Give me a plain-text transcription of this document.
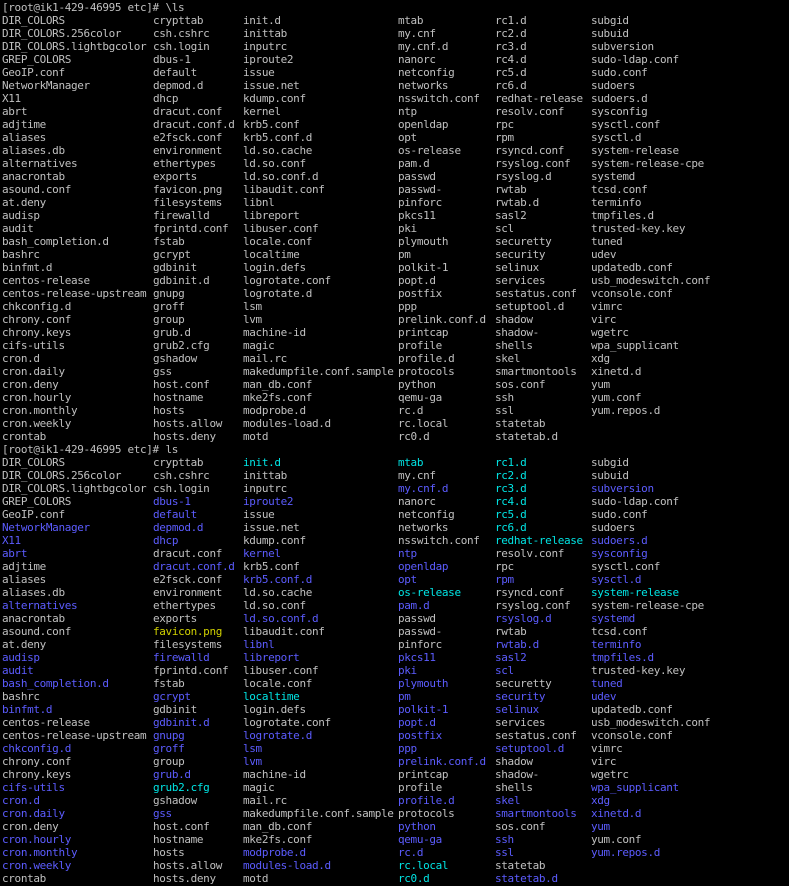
[root@ik1-429-46995 etc]# \ls
DIR_COLORS	crypttab	init.d	mtab	rc1.d	subgid
DIR_COLORS.256color	csh.cshrc	inittab	my.cnf	rc2.d	subuid
DIR_COLORS.lightbgcolor csh.login	inputrc	my.cnf.d	rc3.d	subversion
GREP_COLORS	dbus-1	iproute2	nanorc	rc4.d	sudo-ldap.conf
GeoIP.conf	default	issue	netconfig	rc5.d	sudo.conf
NetworkManager	depmod.d	issue.net	networks	rc6.d	sudoers
X11	dhcp	kdump.conf	nsswitch.conf redhat-release sudoers.d
abrt	dracut.conf kernel	ntp	resolv.conf sysconfig
adjtime	dracut.conf.d krb5.conf	openldap	rpc	sysctl.conf
aliases	e2fsck.conf krb5.conf.d	opt	rpm	sysctl.d
aliases.db	environment ld.so.cache	os-release	rsyncd.conf system-release
alternatives	ethertypes ld.so.conf	pam.d	rsyslog.conf system-release-cpe
anacrontab	exports	ld.so.conf.d	passwd	rsyslog.d	systemd
asound.conf	favicon.png libaudit.conf	passwd-	rwtab	tcsd.conf
at.deny	filesystems libnl	pinforc	rwtab.d	terminfo
audisp	firewalld	libreport	pkcs11	sasl2	tmpfiles.d
audit	fprintd.conf libuser.conf	pki	scl	trusted-key.key
bash_completion.d	fstab	locale.conf	plymouth	securetty	tuned
bashrc	gcrypt	localtime	pm	security	udev
binfmt.d	gdbinit	login.defs	polkit-1	selinux	updatedb.conf
centos-release	gdbinit.d	logrotate.conf	popt.d	services	usb_modeswitch.conf
centos-release-upstream gnupg	logrotate.d	postfix	sestatus.conf vconsole.conf
chkconfig.d	groff	lsm	ppp	setuptool.d vimrc
chrony.conf	group	lvm	prelink.conf.d shadow	virc
chrony.keys	grub.d	machine-id	printcap	shadow-	wgetrc
cifs-utils	grub2.cfg	magic	profile	shells	wpa_supplicant
cron.d	gshadow	mail.rc	profile.d	skel	xdg
cron.daily	gss	makedumpfile.conf.sample protocols	smartmontools xinetd.d
cron.deny	host.conf	man_db.conf	python	sos.conf	yum
cron.hourly	hostname	mke2fs.conf	qemu-ga	ssh	yum.conf
cron.monthly	hosts	modprobe.d	rc.d	ssl	yum.repos.d
cron.weekly	hosts.allow modules-load.d	rc.local	statetab
crontab	hosts.deny motd	rc0.d	statetab.d
[root@ik1-429-46995 etc]# ls
DIR_COLORS	crypttab	init.d	mtab	rc1.d	subgid
DIR_COLORS.256color	csh.cshrc	inittab	my.cnf	rc2.d	subuid
DIR_COLORS.lightbgcolor csh.login	inputrc	my.cnf.d	rc3.d	subversion
GREP_COLORS	dbus-1	iproute2	nanorc	rc4.d	sudo-ldap.conf
GeoIP.conf	default	issue	netconfig	rc5.d	sudo.conf
NetworkManager	depmod.d	issue.net	networks	rc6.d	sudoers
X11	dhcp	kdump.conf	nsswitch.conf redhat-release sudoers.d
abrt	dracut.conf kernel	ntp	resolv.conf sysconfig
adjtime	dracut.conf.d krb5.conf	openldap	rpc	sysctl.conf
aliases	e2fsck.conf krb5.conf.d	opt	rpm	sysctl.d
aliases.db	environment ld.so.cache	os-release	rsyncd.conf system-release
alternatives	ethertypes ld.so.conf	pam.d	rsyslog.conf system-release-cpe
anacrontab	exports	ld.so.conf.d	passwd	rsyslog.d	systemd
asound.conf	favicon.png libaudit.conf	passwd-	rwtab	tcsd.conf
at.deny	filesystems libnl	pinforc	rwtab.d	terminfo
audisp	firewalld	libreport	pkcs11	sasl2	tmpfiles.d
audit	fprintd.conf libuser.conf	pki	scl	trusted-key.key
bash_completion.d	fstab	locale.conf	plymouth	securetty	tuned
bashrc	gcrypt	localtime	pm	security	udev
binfmt.d	gdbinit	login.defs	polkit-1	selinux	updatedb.conf
centos-release	gdbinit.d	logrotate.conf	popt.d	services	usb_modeswitch.conf
centos-release-upstream gnupg	logrotate.d	postfix	sestatus.conf vconsole.conf
chkconfig.d	groff	lsm	ppp	setuptool.d vimrc
chrony.conf	group	lvm	prelink.conf.d shadow	virc
chrony.keys	grub.d	machine-id	printcap	shadow-	wgetrc
cifs-utils	grub2.cfg	magic	profile	shells	wpa_supplicant
cron.d	gshadow	mail.rc	profile.d	skel	xdg
cron.daily	gss	makedumpfile.conf.sample protocols	smartmontools xinetd.d
cron.deny	host.conf	man_db.conf	python	sos.conf	yum
cron.hourly	hostname	mke2fs.conf	qemu-ga	ssh	yum.conf
cron.monthly	hosts	modprobe.d	rc.d	ssl	yum.repos.d
cron.weekly	hosts.allow modules-load.d	rc.local	statetab
crontab	hosts.deny motd	rc0.d	statetab.d
